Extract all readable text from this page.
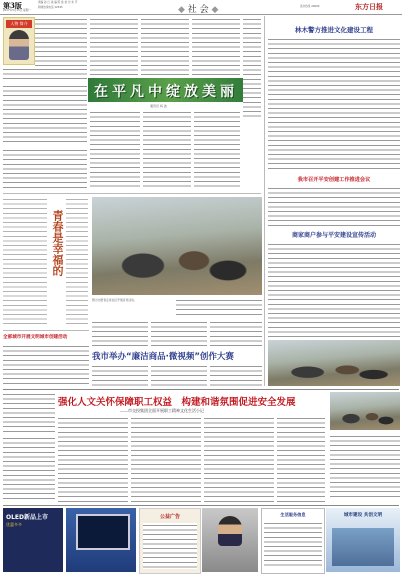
第3版
2017年5月15日 星期一
责编 孙 红 美 编 陈 欧 校 对 朱 平
新闻热线电话 12345	◆ 社 会 ◆	读书热线 24000	东方日报
人物 简介
在平凡中绽放美丽
通讯员 杨 波
林木警方推进文化建设工程
我市召开平安创建工作推进会议
商家商户参与平安建设宣传活动
青春是幸福的
图为志愿者走进社区开展宣传活动。
全部城市开展文明城市创建活动
我市举办“廉洁商品·微视频”创作大赛
强化人文关怀保障职工权益　构建和谐氛围促进安全发展
——市交投集团全面开展职工精神文化生活小记
OLED新品上市
优惠多多
公益广告	生活服务信息	城市建设 共创文明
